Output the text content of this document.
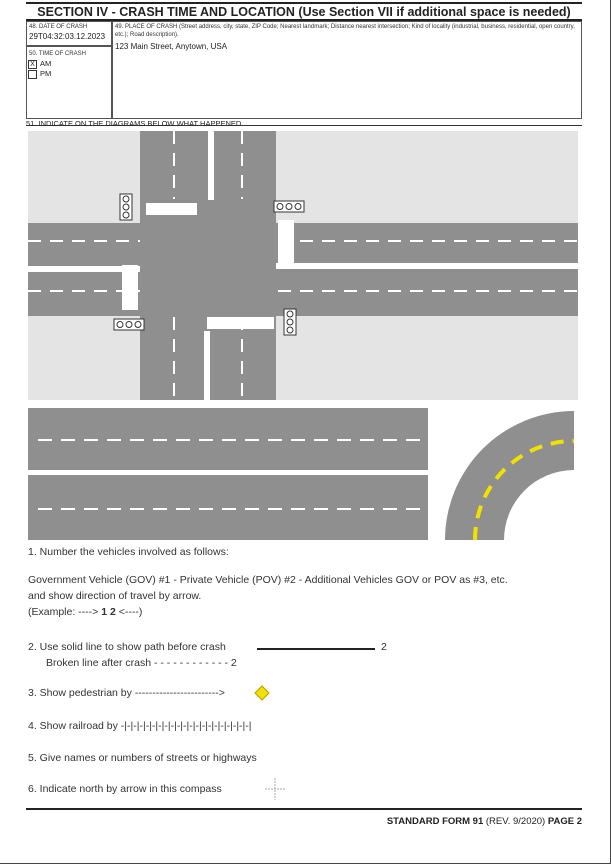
SECTION IV - CRASH TIME AND LOCATION (Use Section VII if additional space is needed)
48. DATE OF CRASH
29T04:32:03.12.2023
49. PLACE OF CRASH (Street address, city, state, ZIP Code; Nearest landmark; Distance nearest intersection; Kind of locality (industrial, business, residential, open country, etc.); Road description).
123 Main Street, Anytown, USA
50. TIME OF CRASH
X AM
PM
51. INDICATE ON THE DIAGRAMS BELOW WHAT HAPPENED
1. Number the vehicles involved as follows:
Government Vehicle (GOV) #1 - Private Vehicle (POV) #2 - Additional Vehicles GOV or POV as #3, etc.
and show direction of travel by arrow.
(Example: ----> 1 2 <----)
2. Use solid line to show path before crash	2
Broken line after crash - - - - - - - - - - - - 2
3. Show pedestrian by ------------------------>
4. Show railroad by -|-|-|-|-|-|-|-|-|-|-|-|-|-|-|-|-|-|-|-|-|
5. Give names or numbers of streets or highways
6. Indicate north by arrow in this compass
STANDARD FORM 91 (REV. 9/2020) PAGE 2
